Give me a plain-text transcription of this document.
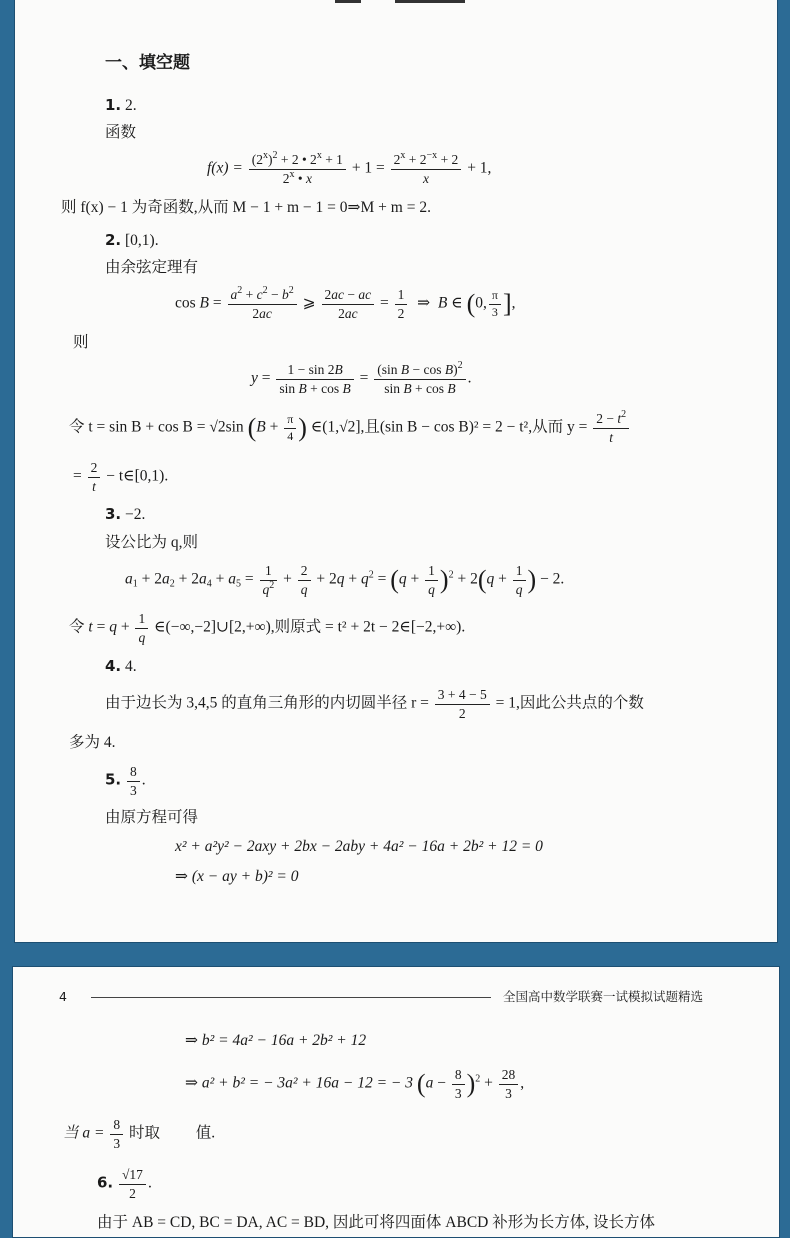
一、填空题
1. 2.
函数
$f(x) = \frac{(2^x)^2 + 2 • 2^x + 1}{2^x • x} + 1 = \frac{2^x + 2^{-x} + 2}{x} + 1$,
则 f(x) − 1 为奇函数,从而 M − 1 + m − 1 = 0⇒M + m = 2.
2. [0,1).
由余弦定理有
$\cos B = \frac{a^2 + c^2 - b^2}{2ac}$ ⩾ $\frac{2ac - ac}{2ac} = \frac{1}{2}$ ⇒  B ∈ (0, $\frac{\pi}{3}$ ],
则
$y = \frac{1 - \sin 2B}{\text{sin B + cos B}} = \frac{(\sin B - \cos B)^2}{\text{sin B + cos B}}$ .
令 t = sin B + cos B = √2sin ($B + \frac{\pi}{4}$ ) ∈(1,√2],且(sin B − cos B)² = 2 − t²,从而 $y = \frac{2 - t^2}{t}$
= $\frac{2}{t}$ − t∈[0,1).
3. −2.
设公比为 q,则
$a_1 + 2a_2 + 2a_4 + a_5 = \frac{1}{q^2} + \frac{2}{q} + 2q + q^2 = (q + \frac{1}{q} )^2 + 2(q + \frac{1}{q}$ ) − 2.
令 $t = q + \frac{1}{q}$ ∈(−∞,−2]∪[2,+∞),则原式 = t² + 2t − 2∈[−2,+∞).
4. 4.
由于边长为 3,4,5 的直角三角形的内切圆半径 $r = \frac{3 + 4 - 5}{2} = 1$,因此公共点的个数
多为 4.
5. $\frac{8}{3}$ .
由原方程可得
x² + a²y² − 2axy + 2bx − 2aby + 4a² − 16a + 2b² + 12 = 0
⇒ (x − ay + b)² = 0
4	全国高中数学联赛一试模拟试题精选
⇒ b² = 4a² − 16a + 2b² + 12
⇒ a² + b² = − 3a² + 16a − 12 = − 3 $(a - \frac{8}{3} )^2 + \frac{28}{3}$ ,
当 $a = \frac{8}{3}$ 时取 值.
6. $\frac{√17}{2}$ .
由于 AB = CD, BC = DA, AC = BD, 因此可将四面体 ABCD 补形为长方体, 设长方体
